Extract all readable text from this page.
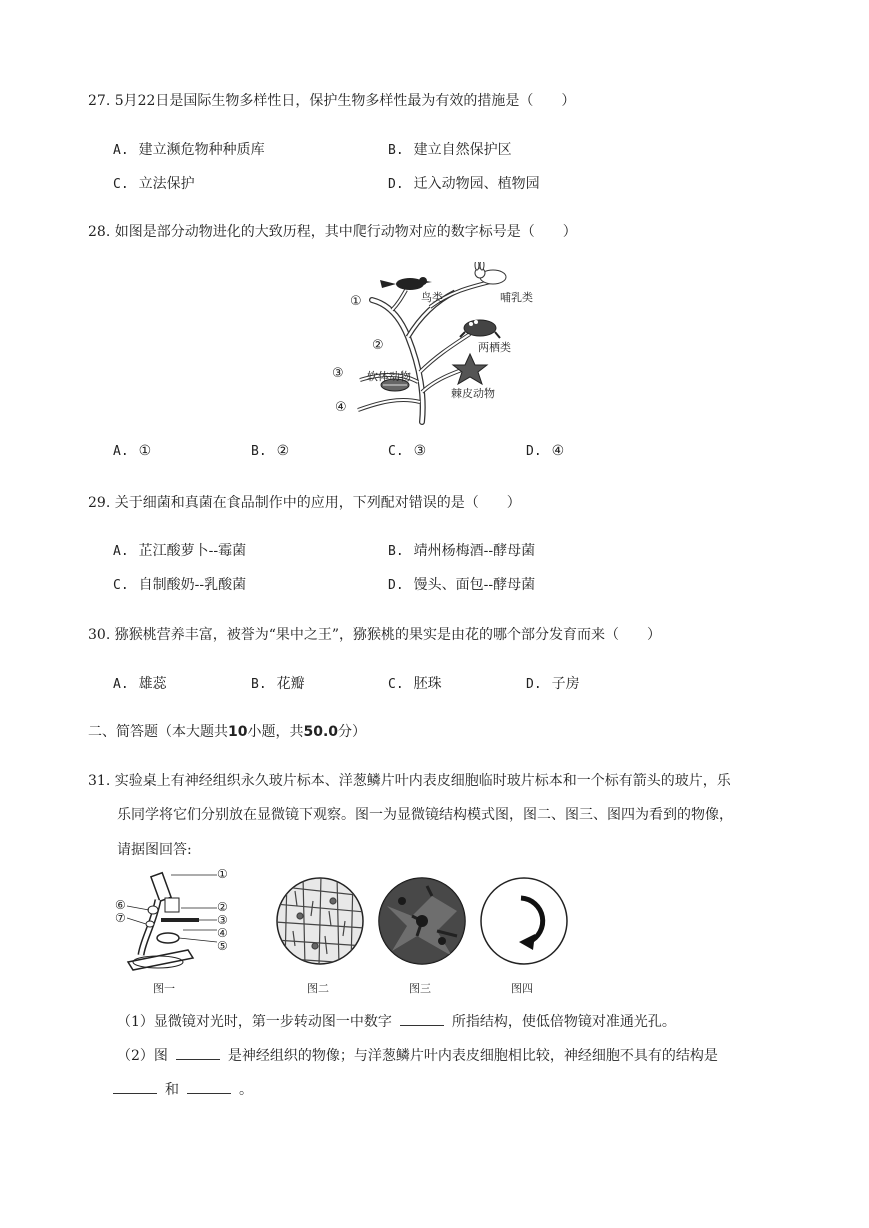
27. 5月22日是国际生物多样性日，保护生物多样性最为有效的措施是（　　）
A. 建立濒危物种种质库	B. 建立自然保护区
C. 立法保护	D. 迁入动物园、植物园
28. 如图是部分动物进化的大致历程，其中爬行动物对应的数字标号是（　　）
鸟类	哺乳类
两栖类
软体动物
棘皮动物
①
②
③
④
A. ①	B. ②	C. ③	D. ④
29. 关于细菌和真菌在食品制作中的应用，下列配对错误的是（　　）
A. 芷江酸萝卜--霉菌	B. 靖州杨梅酒--酵母菌
C. 自制酸奶--乳酸菌	D. 馒头、面包--酵母菌
30. 猕猴桃营养丰富，被誉为“果中之王”，猕猴桃的果实是由花的哪个部分发育而来（　　）
A. 雄蕊	B. 花瓣	C. 胚珠	D. 子房
二、简答题（本大题共10小题，共50.0分）
31. 实验桌上有神经组织永久玻片标本、洋葱鳞片叶内表皮细胞临时玻片标本和一个标有箭头的玻片，乐
乐同学将它们分别放在显微镜下观察。图一为显微镜结构模式图，图二、图三、图四为看到的物像，
请据图回答:
①
②
③
④
⑤
⑥
⑦
图一	图二	图三	图四
（1）显微镜对光时，第一步转动图一中数字	所指结构，使低倍物镜对准通光孔。
（2）图	是神经组织的物像；与洋葱鳞片叶内表皮细胞相比较，神经细胞不具有的结构是
和	。
